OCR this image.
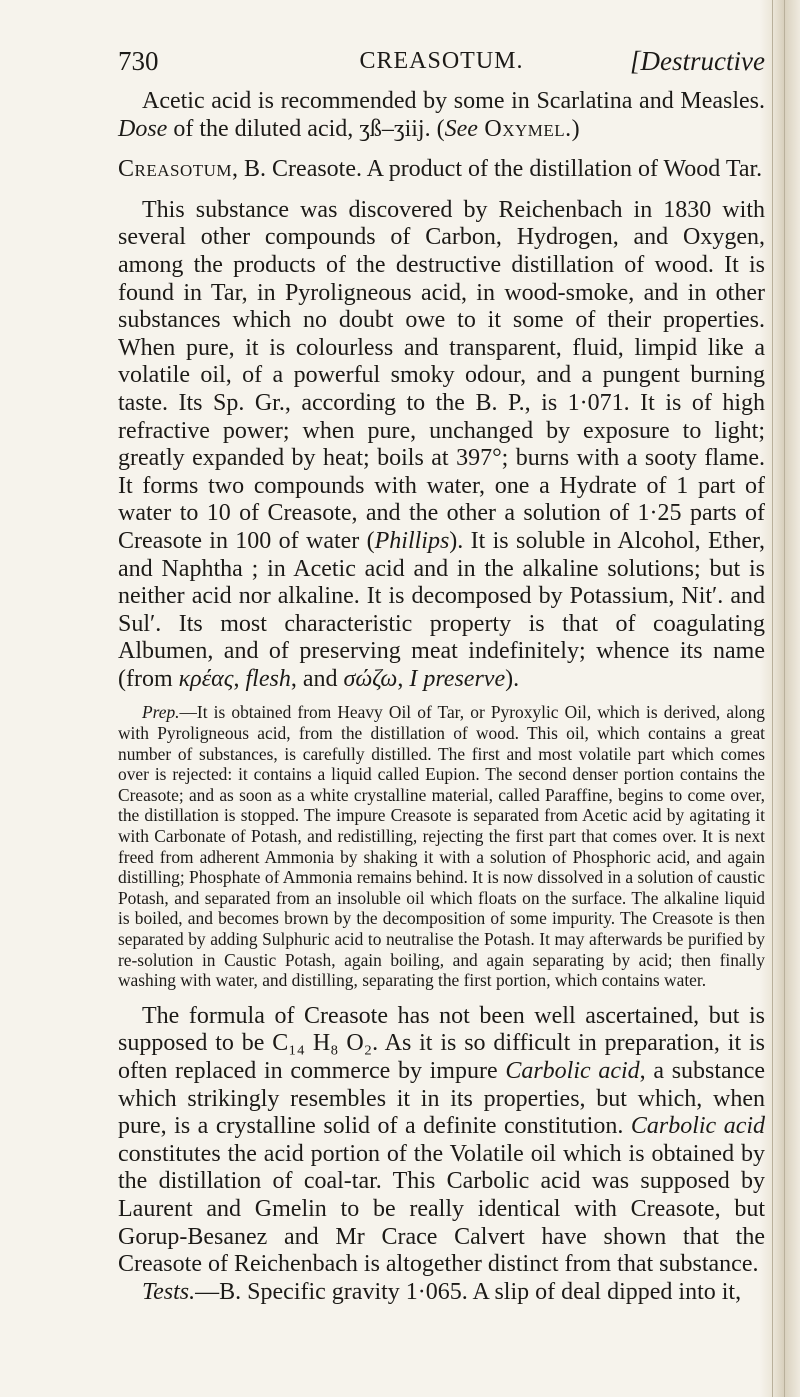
730	CREASOTUM.	[Destructive

Acetic acid is recommended by some in Scarlatina and Measles. Dose of the diluted acid, ʒß–ʒiij. (See Oxymel.)

Creasotum, B. Creasote. A product of the distillation of Wood Tar.

This substance was discovered by Reichenbach in 1830 with several other compounds of Carbon, Hydrogen, and Oxygen, among the products of the destructive distillation of wood. It is found in Tar, in Pyroligneous acid, in wood-smoke, and in other substances which no doubt owe to it some of their properties. When pure, it is colourless and transparent, fluid, limpid like a volatile oil, of a powerful smoky odour, and a pungent burning taste. Its Sp. Gr., according to the B. P., is 1·071. It is of high refractive power; when pure, unchanged by exposure to light; greatly expanded by heat; boils at 397°; burns with a sooty flame. It forms two compounds with water, one a Hydrate of 1 part of water to 10 of Creasote, and the other a solution of 1·25 parts of Creasote in 100 of water (Phillips). It is soluble in Alcohol, Ether, and Naphtha ; in Acetic acid and in the alkaline solutions; but is neither acid nor alkaline. It is decomposed by Potassium, Nit′. and Sul′. Its most characteristic property is that of coagulating Albumen, and of preserving meat indefinitely; whence its name (from κρέας, flesh, and σώζω, I preserve).

Prep.—It is obtained from Heavy Oil of Tar, or Pyroxylic Oil, which is derived, along with Pyroligneous acid, from the distillation of wood. This oil, which contains a great number of substances, is carefully distilled. The first and most volatile part which comes over is rejected: it contains a liquid called Eupion. The second denser portion contains the Creasote; and as soon as a white crystalline material, called Paraffine, begins to come over, the distillation is stopped. The impure Creasote is separated from Acetic acid by agitating it with Carbonate of Potash, and redistilling, rejecting the first part that comes over. It is next freed from adherent Ammonia by shaking it with a solution of Phosphoric acid, and again distilling; Phosphate of Ammonia remains behind. It is now dissolved in a solution of caustic Potash, and separated from an insoluble oil which floats on the surface. The alkaline liquid is boiled, and becomes brown by the decomposition of some impurity. The Creasote is then separated by adding Sulphuric acid to neutralise the Potash. It may afterwards be purified by re-solution in Caustic Potash, again boiling, and again separating by acid; then finally washing with water, and distilling, separating the first portion, which contains water.

The formula of Creasote has not been well ascertained, but is supposed to be C₁₄ H₈ O₂. As it is so difficult in preparation, it is often replaced in commerce by impure Carbolic acid, a substance which strikingly resembles it in its properties, but which, when pure, is a crystalline solid of a definite constitution. Carbolic acid constitutes the acid portion of the Volatile oil which is obtained by the distillation of coal-tar. This Carbolic acid was supposed by Laurent and Gmelin to be really identical with Creasote, but Gorup-Besanez and Mr Crace Calvert have shown that the Creasote of Reichenbach is altogether distinct from that substance.

Tests.—B. Specific gravity 1·065. A slip of deal dipped into it,
